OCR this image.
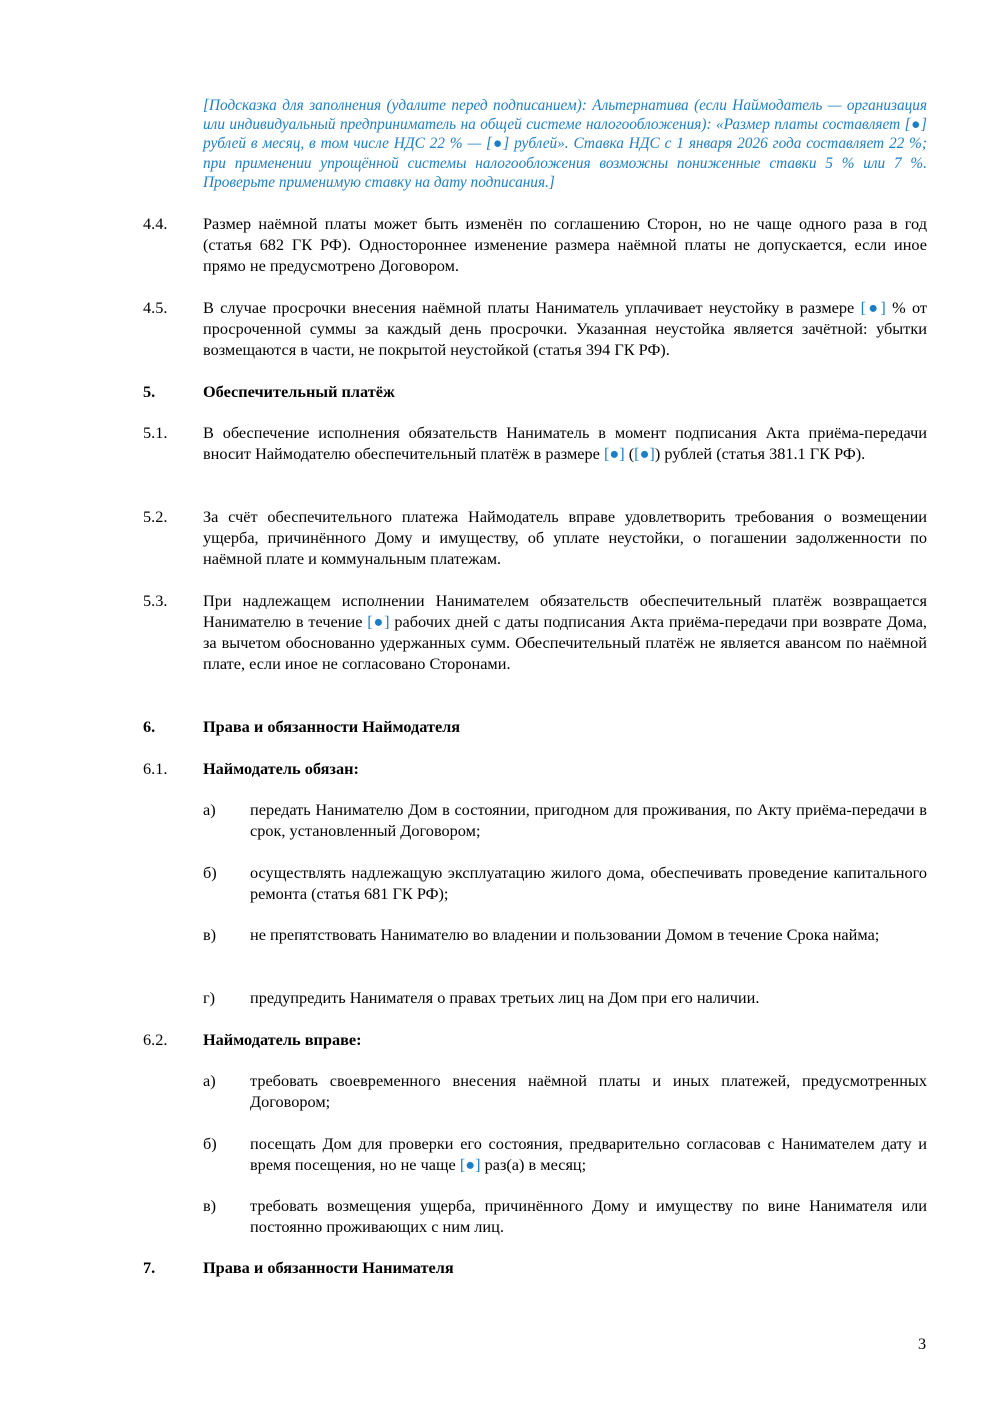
[Подсказка для заполнения (удалите перед подписанием): Альтернатива (если Наймодатель — организация или индивидуальный предприниматель на общей системе налогообложения): «Размер платы составляет [●] рублей в месяц, в том числе НДС 22 % — [●] рублей». Ставка НДС с 1 января 2026 года составляет 22 %; при применении упрощённой системы налогообложения возможны пониженные ставки 5 % или 7 %. Проверьте применимую ставку на дату подписания.]

4.4. Размер наёмной платы может быть изменён по соглашению Сторон, но не чаще одного раза в год (статья 682 ГК РФ). Одностороннее изменение размера наёмной платы не допускается, если иное прямо не предусмотрено Договором.

4.5. В случае просрочки внесения наёмной платы Наниматель уплачивает неустойку в размере [●] % от просроченной суммы за каждый день просрочки. Указанная неустойка является зачётной: убытки возмещаются в части, не покрытой неустойкой (статья 394 ГК РФ).

5.	Обеспечительный платёж

5.1. В обеспечение исполнения обязательств Наниматель в момент подписания Акта приёма-передачи вносит Наймодателю обеспечительный платёж в размере [●] ([●]) рублей (статья 381.1 ГК РФ).

5.2. За счёт обеспечительного платежа Наймодатель вправе удовлетворить требования о возмещении ущерба, причинённого Дому и имуществу, об уплате неустойки, о погашении задолженности по наёмной плате и коммунальным платежам.

5.3. При надлежащем исполнении Нанимателем обязательств обеспечительный платёж возвращается Нанимателю в течение [●] рабочих дней с даты подписания Акта приёма-передачи при возврате Дома, за вычетом обоснованно удержанных сумм. Обеспечительный платёж не является авансом по наёмной плате, если иное не согласовано Сторонами.

6.	Права и обязанности Наймодателя

6.1. Наймодатель обязан:

а) передать Нанимателю Дом в состоянии, пригодном для проживания, по Акту приёма-передачи в срок, установленный Договором;

б) осуществлять надлежащую эксплуатацию жилого дома, обеспечивать проведение капитального ремонта (статья 681 ГК РФ);

в) не препятствовать Нанимателю во владении и пользовании Домом в течение Срока найма;

г) предупредить Нанимателя о правах третьих лиц на Дом при его наличии.

6.2. Наймодатель вправе:

а) требовать своевременного внесения наёмной платы и иных платежей, предусмотренных Договором;

б) посещать Дом для проверки его состояния, предварительно согласовав с Нанимателем дату и время посещения, но не чаще [●] раз(а) в месяц;

в) требовать возмещения ущерба, причинённого Дому и имуществу по вине Нанимателя или постоянно проживающих с ним лиц.

7.	Права и обязанности Нанимателя

3
